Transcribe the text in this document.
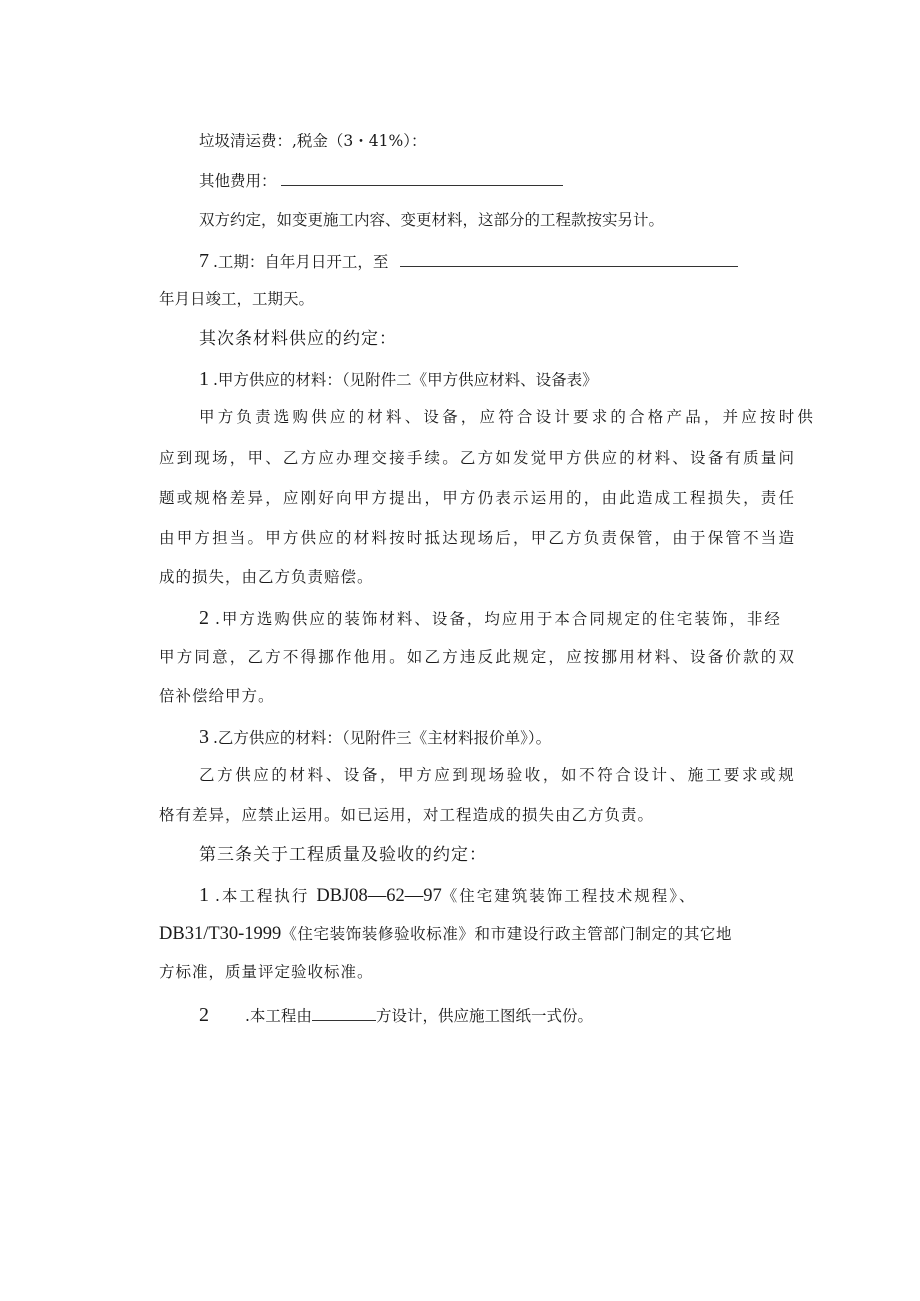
垃圾清运费：,税金（3・41%）：
其他费用：
双方约定，如变更施工内容、变更材料，这部分的工程款按实另计。
7 .工期：自年月日开工，至
年月日竣工，工期天。
其次条材料供应的约定：
1 .甲方供应的材料：（见附件二《甲方供应材料、设备表》
甲方负责选购供应的材料、设备，应符合设计要求的合格产品，并应按时供
应到现场，甲、乙方应办理交接手续。乙方如发觉甲方供应的材料、设备有质量问
题或规格差异，应刚好向甲方提出，甲方仍表示运用的，由此造成工程损失，责任
由甲方担当。甲方供应的材料按时抵达现场后，甲乙方负责保管，由于保管不当造
成的损失，由乙方负责赔偿。
2 .甲方选购供应的装饰材料、设备，均应用于本合同规定的住宅装饰，非经
甲方同意，乙方不得挪作他用。如乙方违反此规定，应按挪用材料、设备价款的双
倍补偿给甲方。
3 .乙方供应的材料：（见附件三《主材料报价单》）。
乙方供应的材料、设备，甲方应到现场验收，如不符合设计、施工要求或规
格有差异，应禁止运用。如已运用，对工程造成的损失由乙方负责。
第三条关于工程质量及验收的约定：
1 .本工程执行 DBJ08—62—97《住宅建筑装饰工程技术规程》、
DB31/T30-1999《住宅装饰装修验收标准》和市建设行政主管部门制定的其它地
方标准，质量评定验收标准。
2 .本工程由	方设计，供应施工图纸一式份。
